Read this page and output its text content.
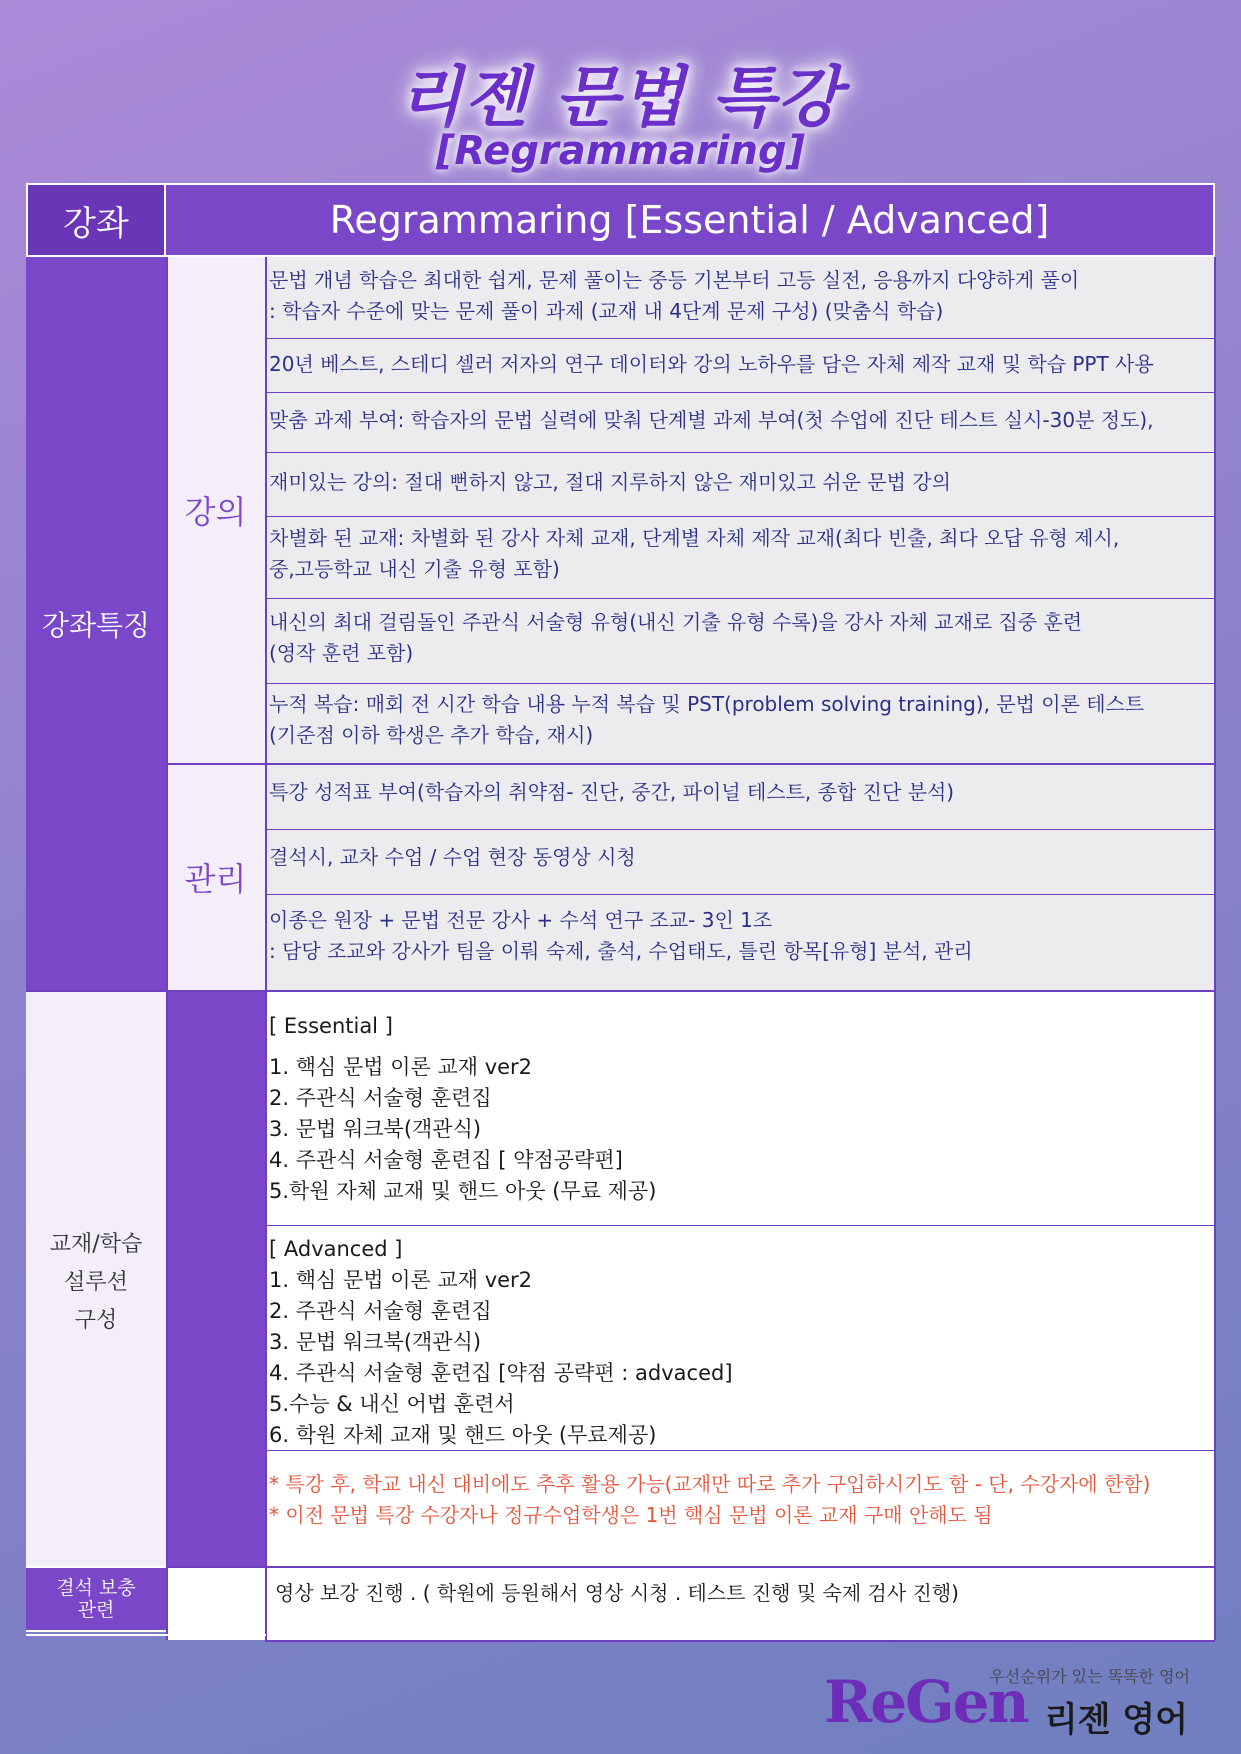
리젠 문법 특강
[Regrammaring]
강좌	Regrammaring [Essential / Advanced]
강좌특징
강의
관리
문법 개념 학습은 최대한 쉽게, 문제 풀이는 중등 기본부터 고등 실전, 응용까지 다양하게 풀이
: 학습자 수준에 맞는 문제 풀이 과제 (교재 내 4단계 문제 구성) (맞춤식 학습)
20년 베스트, 스테디 셀러 저자의 연구 데이터와 강의 노하우를 담은 자체 제작 교재 및 학습 PPT 사용
맞춤 과제 부여: 학습자의 문법 실력에 맞춰 단계별 과제 부여(첫 수업에 진단 테스트 실시-30분 정도),
재미있는 강의: 절대 뻔하지 않고, 절대 지루하지 않은 재미있고 쉬운 문법 강의
차별화 된 교재: 차별화 된 강사 자체 교재, 단계별 자체 제작 교재(최다 빈출, 최다 오답 유형 제시,
중,고등학교 내신 기출 유형 포함)
내신의 최대 걸림돌인 주관식 서술형 유형(내신 기출 유형 수록)을 강사 자체 교재로 집중 훈련
(영작 훈련 포함)
누적 복습: 매회 전 시간 학습 내용 누적 복습 및 PST(problem solving training), 문법 이론 테스트
(기준점 이하 학생은 추가 학습, 재시)
특강 성적표 부여(학습자의 취약점- 진단, 중간, 파이널 테스트, 종합 진단 분석)
결석시, 교차 수업 / 수업 현장 동영상 시청
이종은 원장 + 문법 전문 강사 + 수석 연구 조교- 3인 1조
: 담당 조교와 강사가 팀을 이뤄 숙제, 출석, 수업태도, 틀린 항목[유형] 분석, 관리
교재/학습
설루션
구성
[ Essential ]
1. 핵심 문법 이론 교재 ver2
2. 주관식 서술형 훈련집
3. 문법 워크북(객관식)
4. 주관식 서술형 훈련집 [ 약점공략편]
5.학원 자체 교재 및 핸드 아웃 (무료 제공)
[ Advanced ]
1. 핵심 문법 이론 교재 ver2
2. 주관식 서술형 훈련집
3. 문법 워크북(객관식)
4. 주관식 서술형 훈련집 [약점 공략편 : advaced]
5.수능 & 내신 어법 훈련서
6. 학원 자체 교재 및 핸드 아웃 (무료제공)
* 특강 후, 학교 내신 대비에도 추후 활용 가능(교재만 따로 추가 구입하시기도 함 - 단, 수강자에 한함)
* 이전 문법 특강 수강자나 정규수업학생은 1번 핵심 문법 이론 교재 구매 안해도 됨
결석 보충
관련
영상 보강 진행 . ( 학원에 등원해서 영상 시청 . 테스트 진행 및 숙제 검사 진행)
ReGen
우선순위가 있는 똑똑한 영어
리젠 영어
